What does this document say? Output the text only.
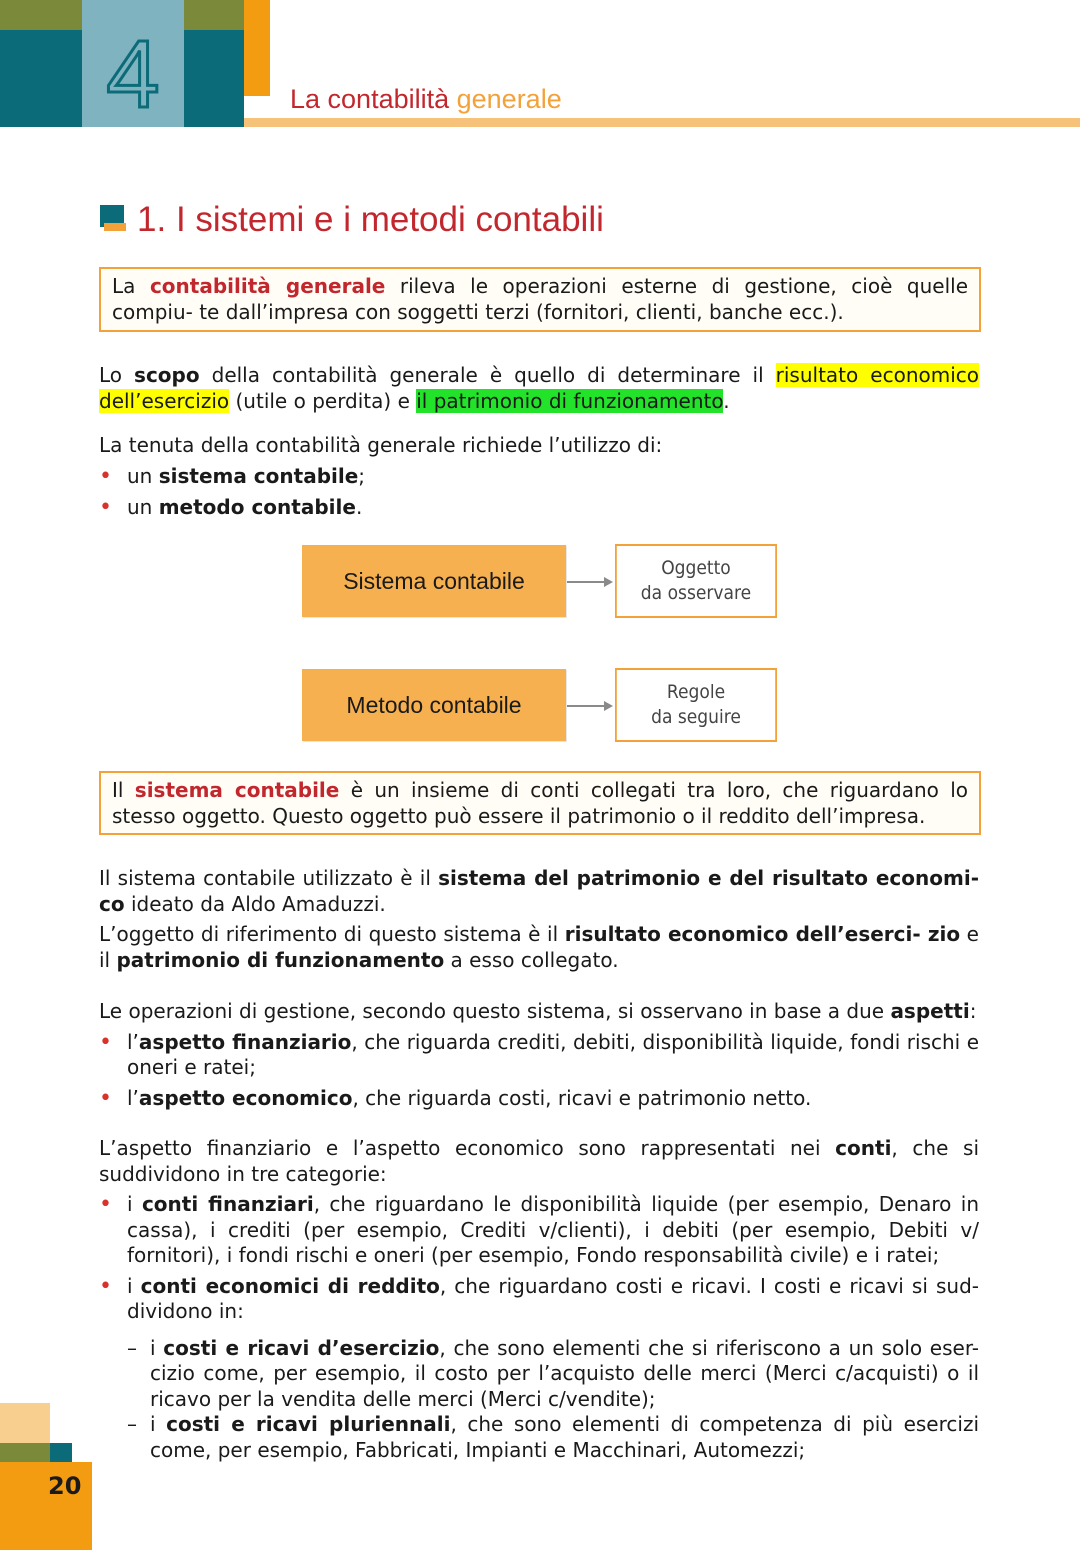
4	La contabilità generale
1. I sistemi e i metodi contabili
La contabilità generale rileva le operazioni esterne di gestione, cioè quelle compiu- te dall’impresa con soggetti terzi (fornitori, clienti, banche ecc.).
Lo scopo della contabilità generale è quello di determinare il risultato economico dell’esercizio (utile o perdita) e il patrimonio di funzionamento.
La tenuta della contabilità generale richiede l’utilizzo di:
• un sistema contabile;
• un metodo contabile.
Sistema contabile	Oggetto
da osservare
Metodo contabile	Regole
da seguire
Il sistema contabile è un insieme di conti collegati tra loro, che riguardano lo stesso oggetto. Questo oggetto può essere il patrimonio o il reddito dell’impresa.
Il sistema contabile utilizzato è il sistema del patrimonio e del risultato economi- co ideato da Aldo Amaduzzi.

L’oggetto di riferimento di questo sistema è il risultato economico dell’eserci- zio e il patrimonio di funzionamento a esso collegato.
Le operazioni di gestione, secondo questo sistema, si osservano in base a due aspetti:
• l’aspetto finanziario, che riguarda crediti, debiti, disponibilità liquide, fondi rischi e oneri e ratei;
• l’aspetto economico, che riguarda costi, ricavi e patrimonio netto.
L’aspetto finanziario e l’aspetto economico sono rappresentati nei conti, che si suddividono in tre categorie:
• i conti finanziari, che riguardano le disponibilità liquide (per esempio, Denaro in cassa), i crediti (per esempio, Crediti v/clienti), i debiti (per esempio, Debiti v/ fornitori), i fondi rischi e oneri (per esempio, Fondo responsabilità civile) e i ratei;
• i conti economici di reddito, che riguardano costi e ricavi. I costi e ricavi si sud- dividono in:
– i costi e ricavi d’esercizio, che sono elementi che si riferiscono a un solo eser- cizio come, per esempio, il costo per l’acquisto delle merci (Merci c/acquisti) o il ricavo per la vendita delle merci (Merci c/vendite);
– i costi e ricavi pluriennali, che sono elementi di competenza di più esercizi come, per esempio, Fabbricati, Impianti e Macchinari, Automezzi;
20
